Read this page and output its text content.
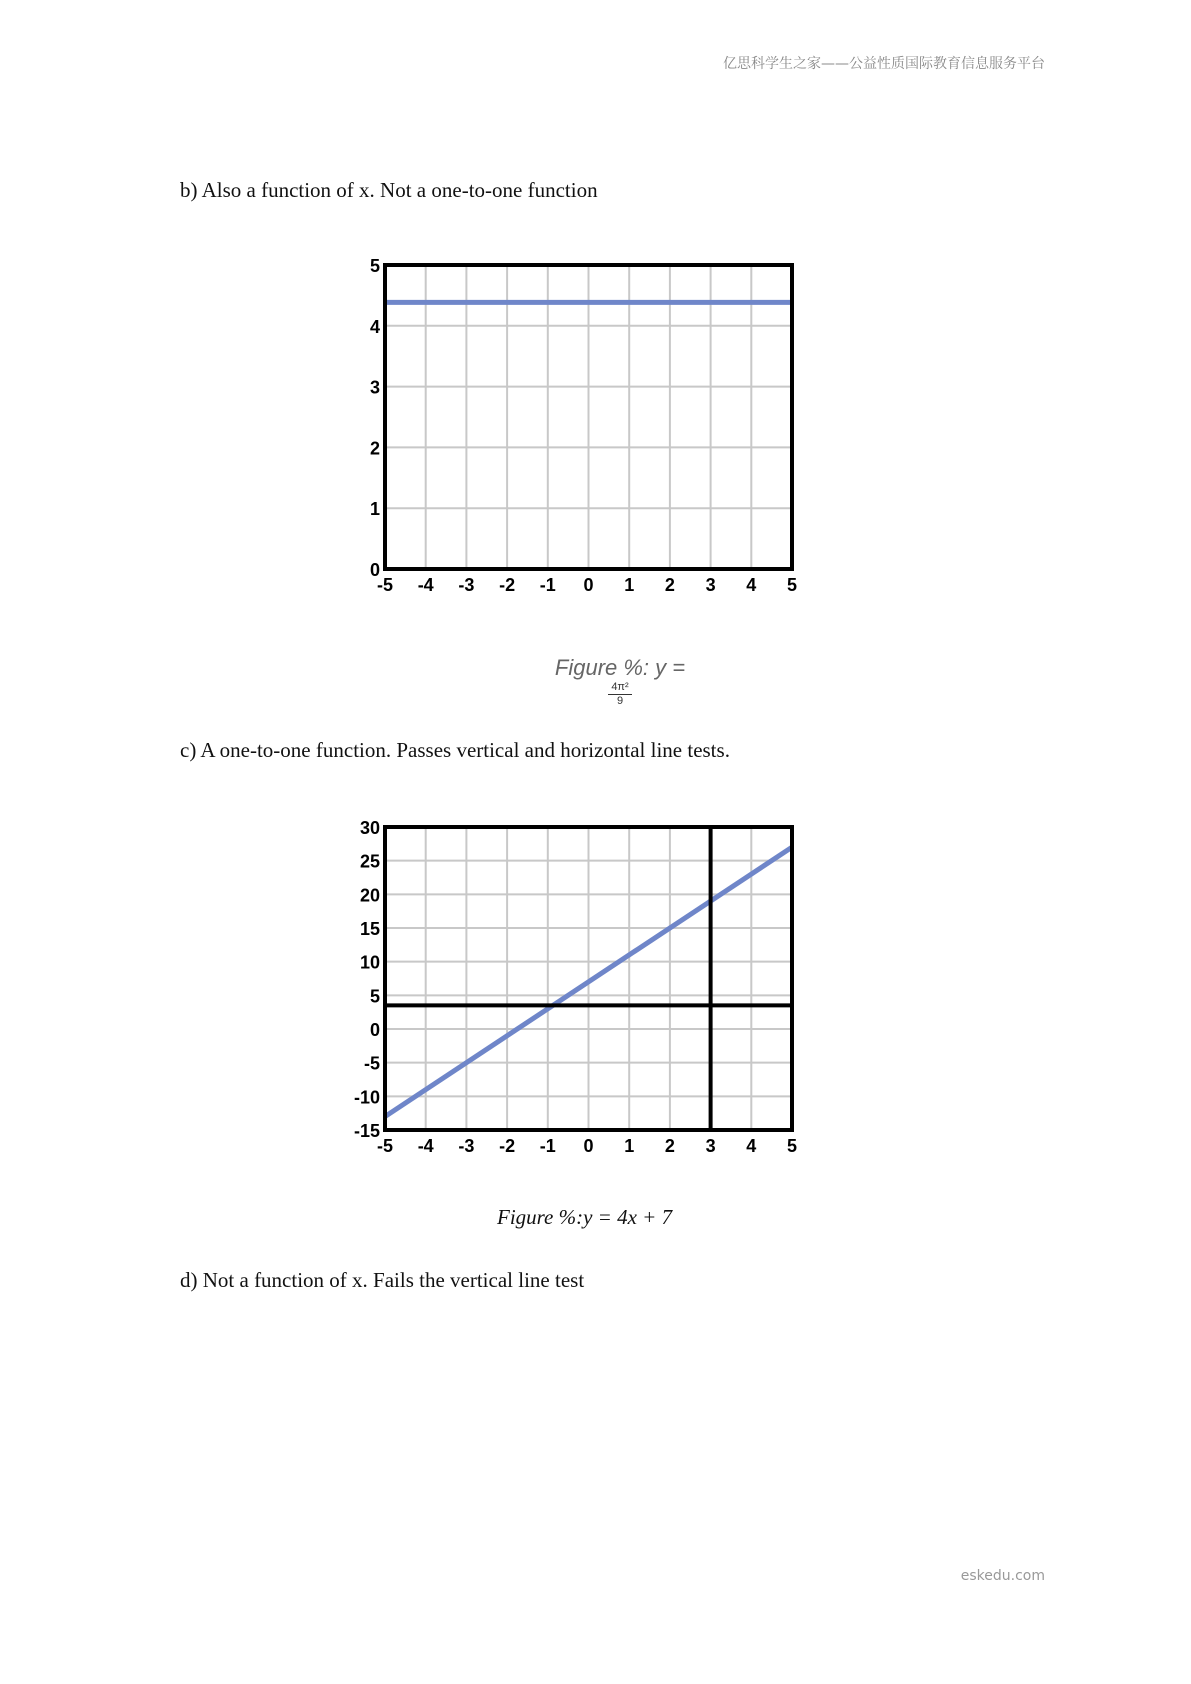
亿思科学生之家——公益性质国际教育信息服务平台
b) Also a function of x. Not a one-to-one function
Figure %: y =
4π²
9
c) A one-to-one function. Passes vertical and horizontal line tests.
Figure %:y = 4x + 7
d) Not a function of x. Fails the vertical line test
eskedu.com
-5 -4 -3 -2 -1 0 1 2 3 4 5
0
1
2
3
4
5
-5 -4 -3 -2 -1 0 1 2 3 4 5
-15
-10
-5
0
5
10
15
20
25
30
